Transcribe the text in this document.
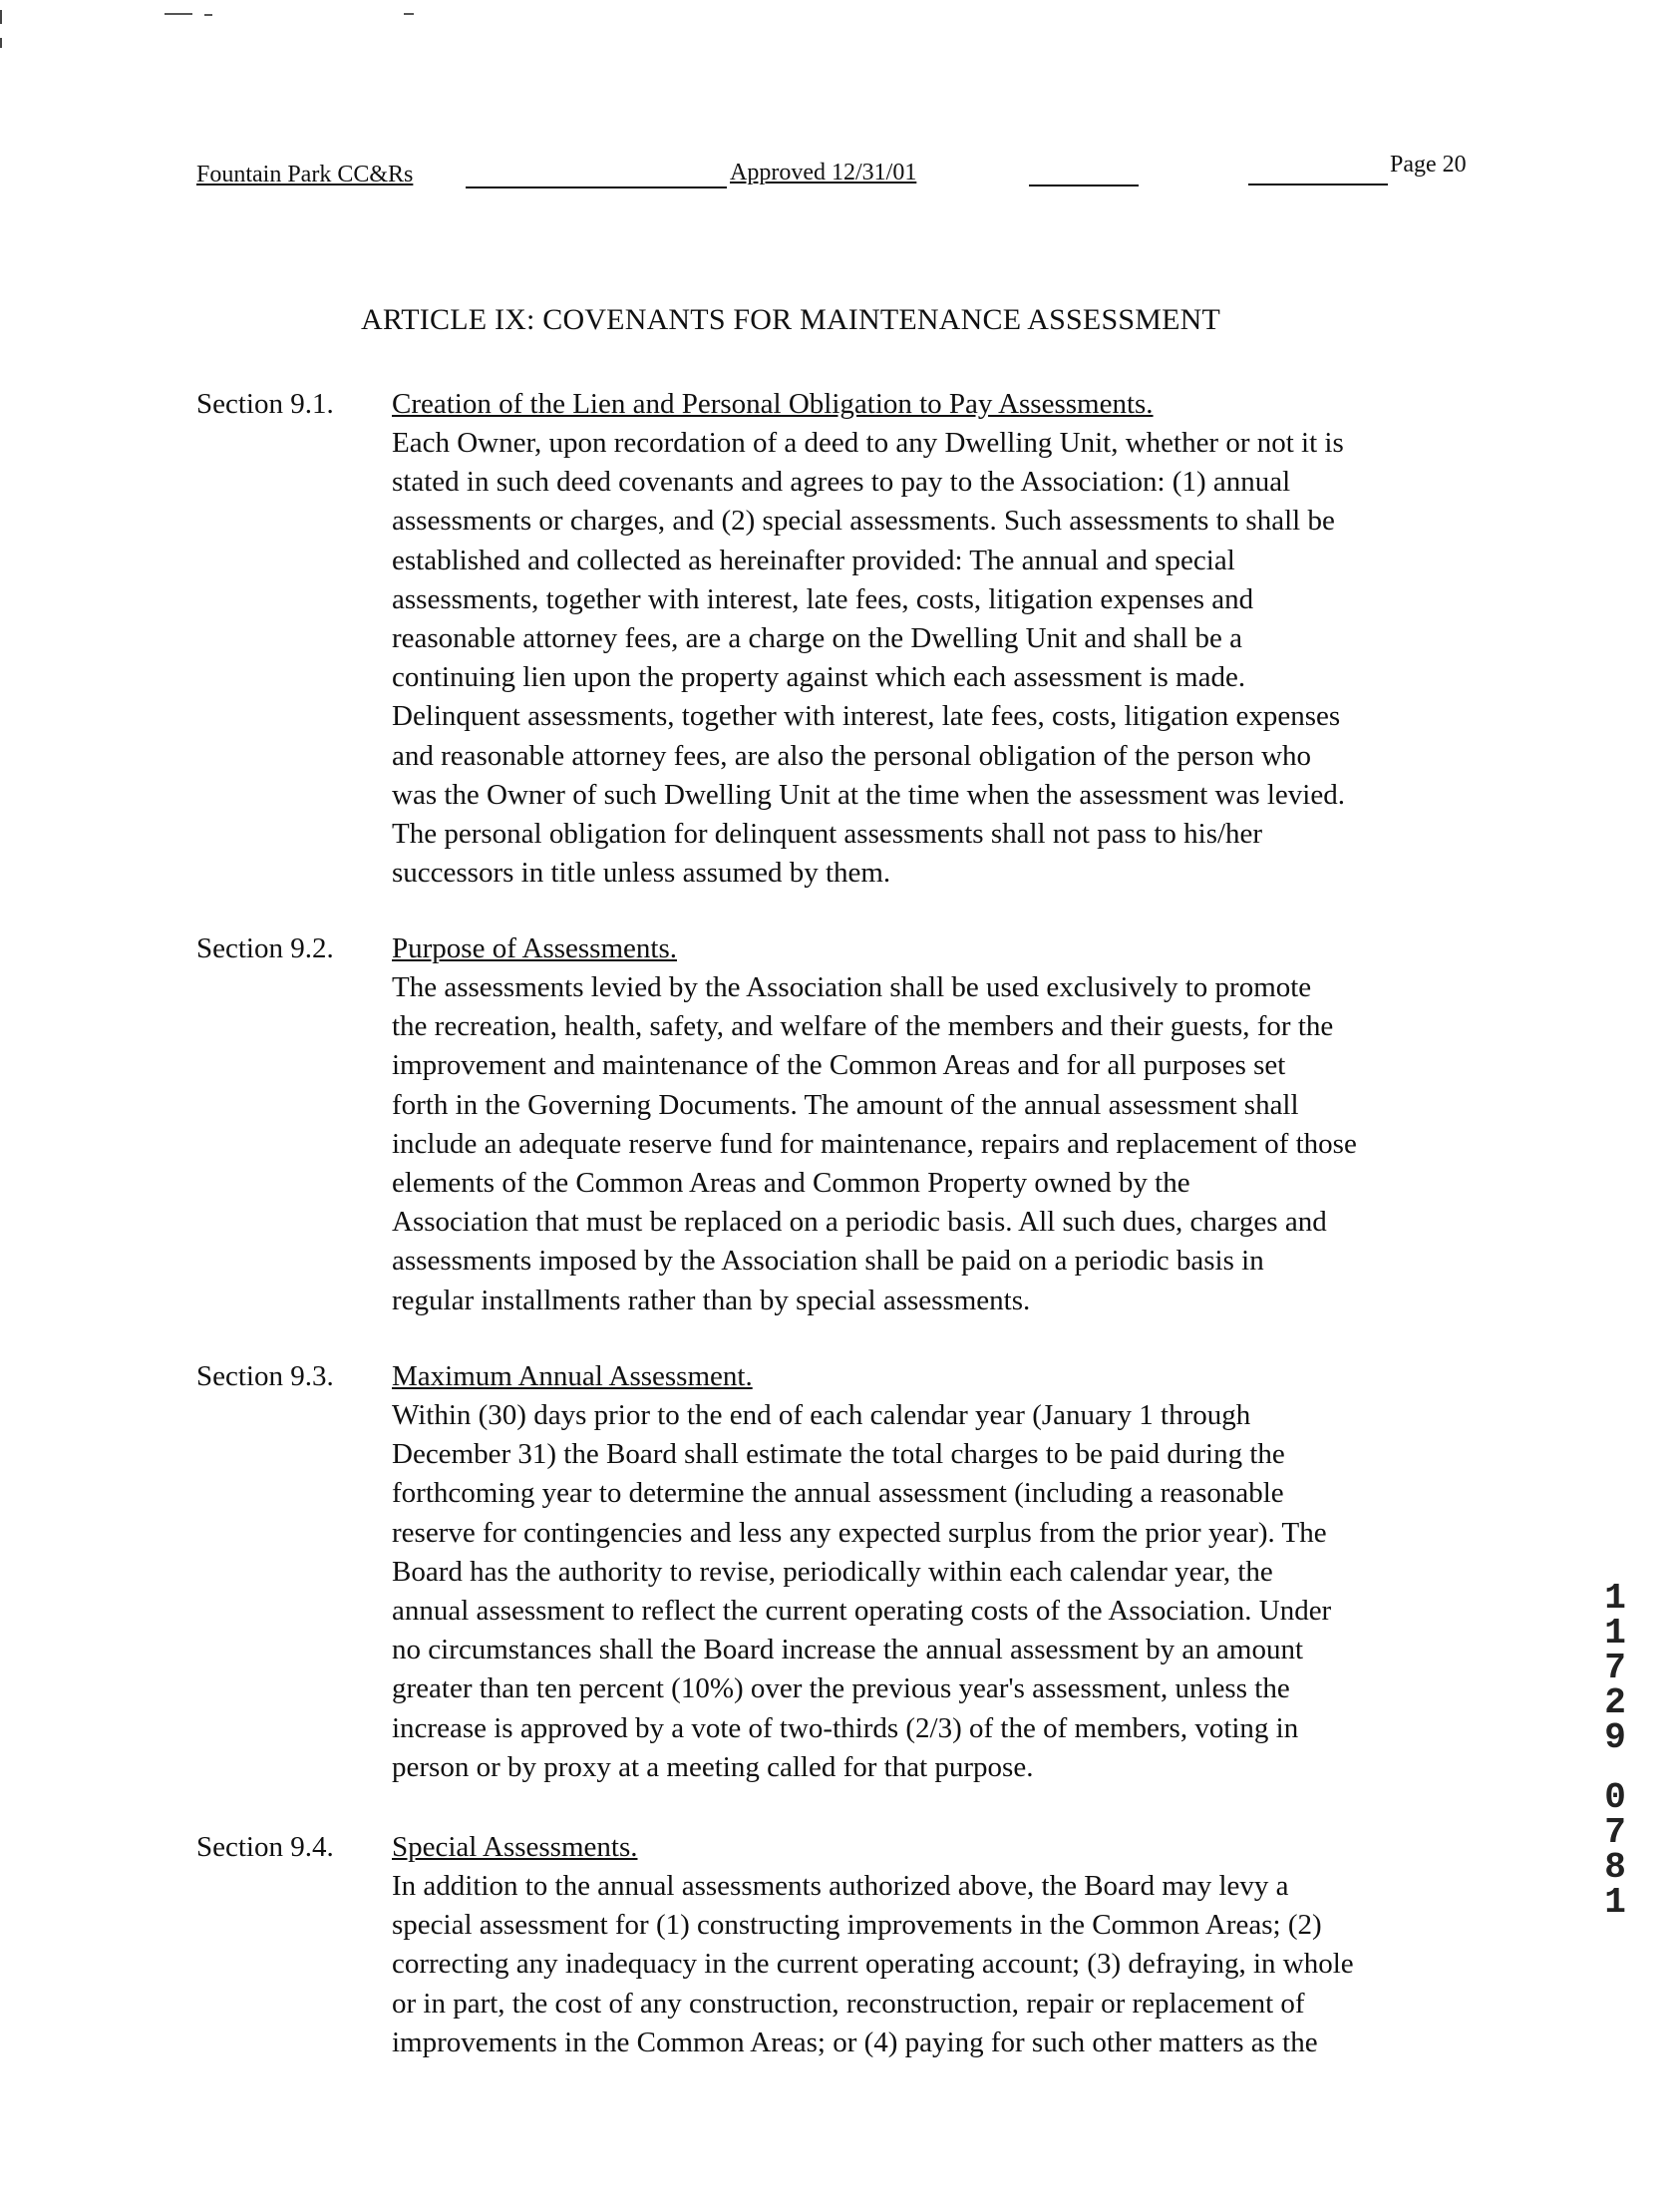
Fountain Park CC&Rs	Approved 12/31/01	Page 20
ARTICLE IX: COVENANTS FOR MAINTENANCE ASSESSMENT
Section 9.1. Creation of the Lien and Personal Obligation to Pay Assessments.

Each Owner, upon recordation of a deed to any Dwelling Unit, whether or not it is
stated in such deed covenants and agrees to pay to the Association: (1) annual
assessments or charges, and (2) special assessments. Such assessments to shall be
established and collected as hereinafter provided: The annual and special
assessments, together with interest, late fees, costs, litigation expenses and
reasonable attorney fees, are a charge on the Dwelling Unit and shall be a
continuing lien upon the property against which each assessment is made.
Delinquent assessments, together with interest, late fees, costs, litigation expenses
and reasonable attorney fees, are also the personal obligation of the person who
was the Owner of such Dwelling Unit at the time when the assessment was levied.
The personal obligation for delinquent assessments shall not pass to his/her
successors in title unless assumed by them.

Section 9.2. Purpose of Assessments.

The assessments levied by the Association shall be used exclusively to promote
the recreation, health, safety, and welfare of the members and their guests, for the
improvement and maintenance of the Common Areas and for all purposes set
forth in the Governing Documents. The amount of the annual assessment shall
include an adequate reserve fund for maintenance, repairs and replacement of those
elements of the Common Areas and Common Property owned by the
Association that must be replaced on a periodic basis. All such dues, charges and
assessments imposed by the Association shall be paid on a periodic basis in
regular installments rather than by special assessments.

Section 9.3. Maximum Annual Assessment.

Within (30) days prior to the end of each calendar year (January 1 through
December 31) the Board shall estimate the total charges to be paid during the
forthcoming year to determine the annual assessment (including a reasonable
reserve for contingencies and less any expected surplus from the prior year). The
Board has the authority to revise, periodically within each calendar year, the
annual assessment to reflect the current operating costs of the Association. Under
no circumstances shall the Board increase the annual assessment by an amount
greater than ten percent (10%) over the previous year's assessment, unless the
increase is approved by a vote of two-thirds (2/3) of the of members, voting in
person or by proxy at a meeting called for that purpose.

Section 9.4. Special Assessments.

In addition to the annual assessments authorized above, the Board may levy a
special assessment for (1) constructing improvements in the Common Areas; (2)
correcting any inadequacy in the current operating account; (3) defraying, in whole
or in part, the cost of any construction, reconstruction, repair or replacement of
improvements in the Common Areas; or (4) paying for such other matters as the

1
1
7
2
9
0
7
8
1
